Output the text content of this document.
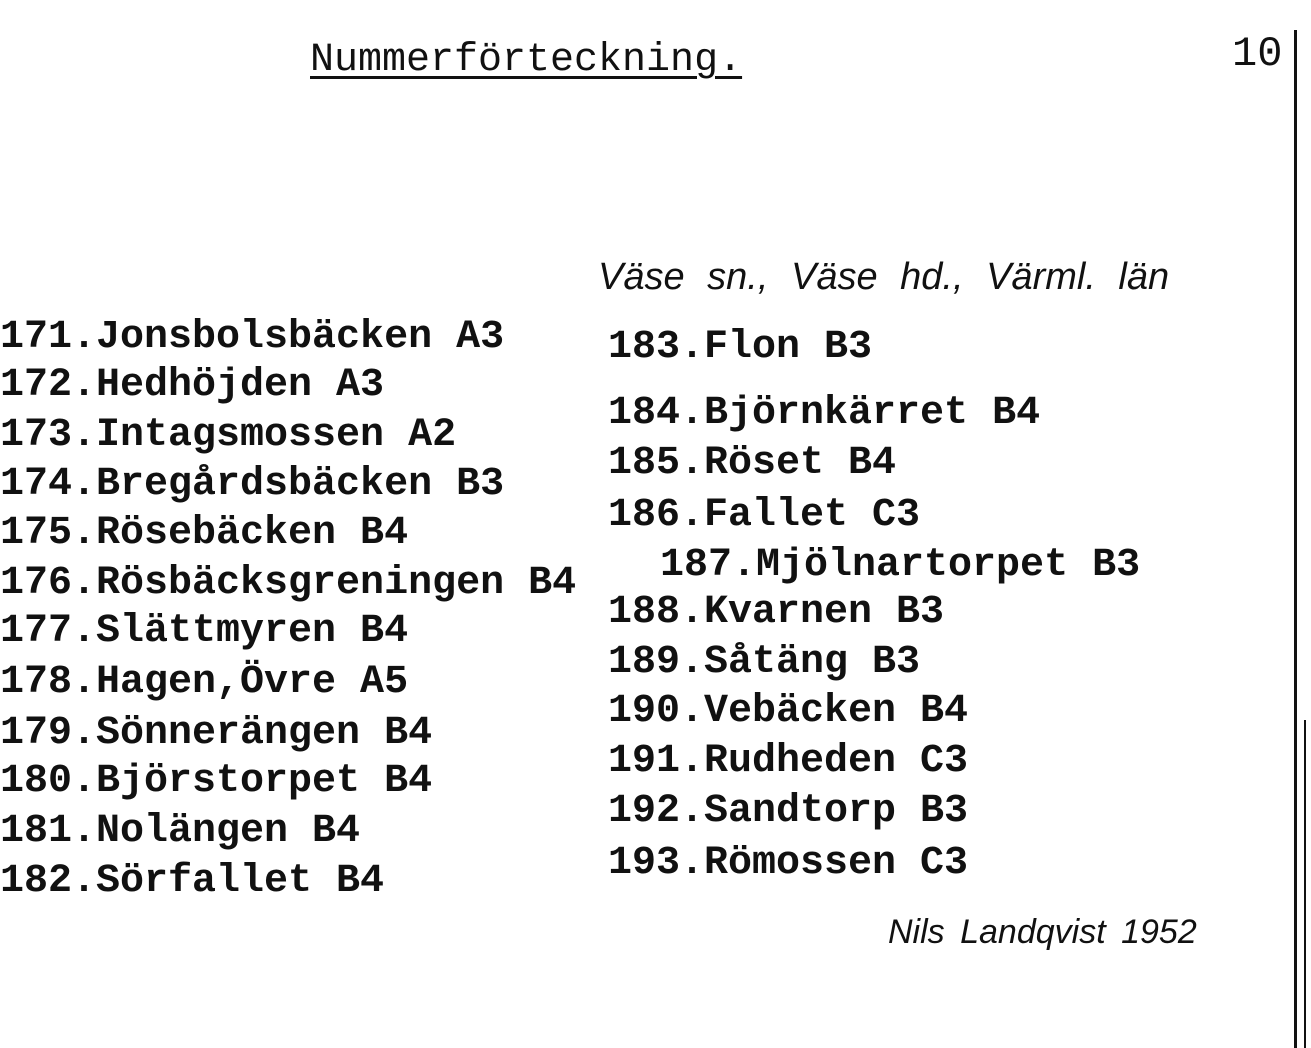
Nummerförteckning.	10
Väse sn., Väse hd., Värml. län
171.Jonsbolsbäcken A3
172.Hedhöjden A3
173.Intagsmossen A2
174.Bregårdsbäcken B3
175.Rösebäcken B4
176.Rösbäcksgreningen B4
177.Slättmyren B4
178.Hagen,Övre A5
179.Sönnerängen B4
180.Björstorpet B4
181.Nolängen B4
182.Sörfallet B4
183.Flon B3
184.Björnkärret B4
185.Röset B4
186.Fallet C3
187.Mjölnartorpet B3
188.Kvarnen B3
189.Såtäng B3
190.Vebäcken B4
191.Rudheden C3
192.Sandtorp B3
193.Römossen C3
Nils Landqvist 1952
